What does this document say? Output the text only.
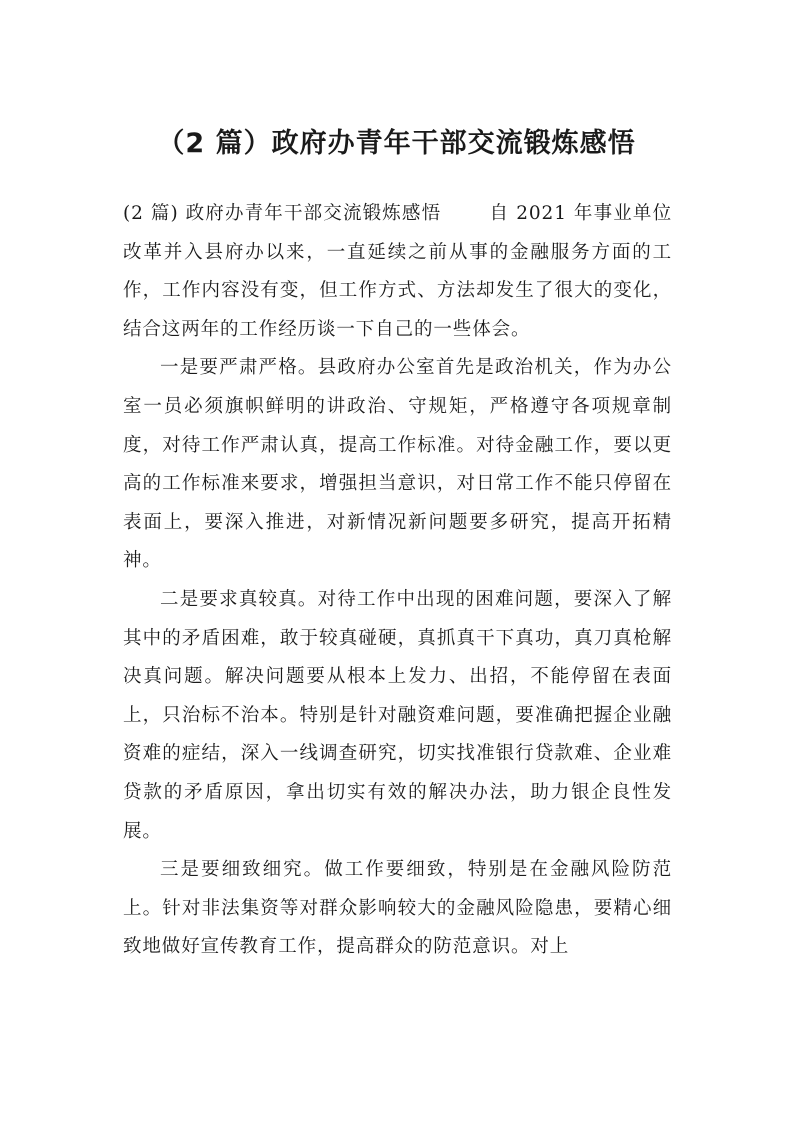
（2 篇）政府办青年干部交流锻炼感悟

(2 篇) 政府办青年干部交流锻炼感悟	自 2021 年事业单位改革并入县府办以来，一直延续之前从事的金融服务方面的工作，工作内容没有变，但工作方式、方法却发生了很大的变化，结合这两年的工作经历谈一下自己的一些体会。

一是要严肃严格。县政府办公室首先是政治机关，作为办公室一员必须旗帜鲜明的讲政治、守规矩，严格遵守各项规章制度，对待工作严肃认真，提高工作标准。对待金融工作，要以更高的工作标准来要求，增强担当意识，对日常工作不能只停留在表面上，要深入推进，对新情况新问题要多研究，提高开拓精神。

二是要求真较真。对待工作中出现的困难问题，要深入了解其中的矛盾困难，敢于较真碰硬，真抓真干下真功，真刀真枪解决真问题。解决问题要从根本上发力、出招，不能停留在表面上，只治标不治本。特别是针对融资难问题，要准确把握企业融资难的症结，深入一线调查研究，切实找准银行贷款难、企业难贷款的矛盾原因，拿出切实有效的解决办法，助力银企良性发展。

三是要细致细究。做工作要细致，特别是在金融风险防范上。针对非法集资等对群众影响较大的金融风险隐患，要精心细致地做好宣传教育工作，提高群众的防范意识。对上
